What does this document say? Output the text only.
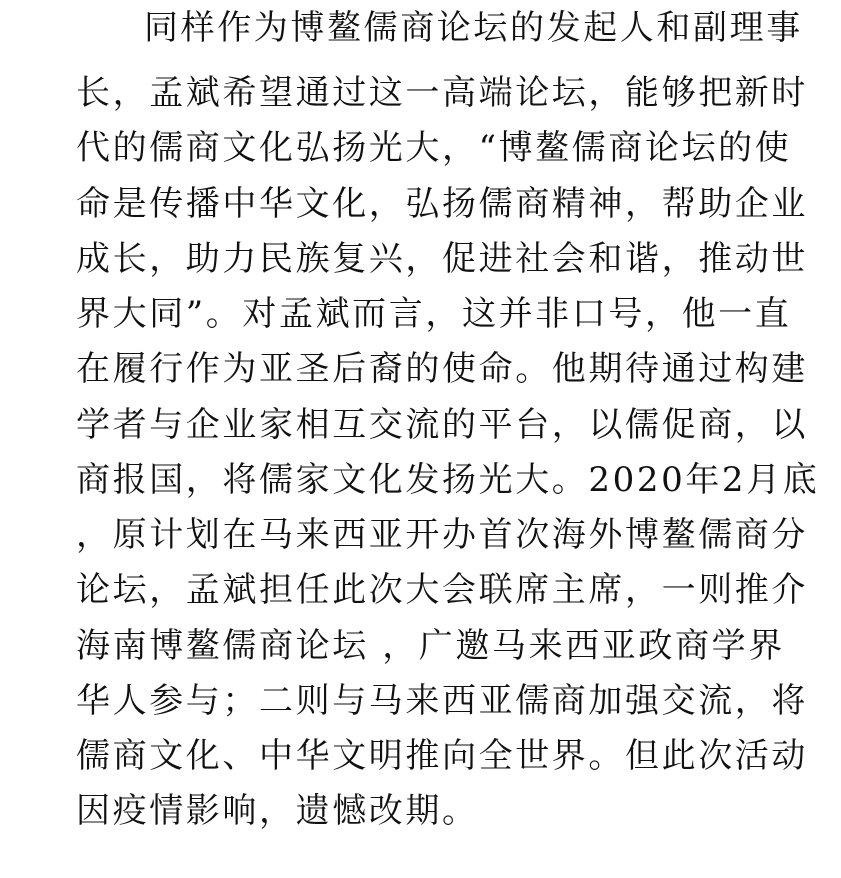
同样作为博鳌儒商论坛的发起人和副理事
长，孟斌希望通过这一高端论坛，能够把新时
代的儒商文化弘扬光大，“博鳌儒商论坛的使
命是传播中华文化，弘扬儒商精神，帮助企业
成长，助力民族复兴，促进社会和谐，推动世
界大同”。对孟斌而言，这并非口号，他一直
在履行作为亚圣后裔的使命。他期待通过构建
学者与企业家相互交流的平台，以儒促商，以
商报国，将儒家文化发扬光大。2020年2月底
，原计划在马来西亚开办首次海外博鳌儒商分
论坛，孟斌担任此次大会联席主席，一则推介
海南博鳌儒商论坛 ，广邀马来西亚政商学界
华人参与；二则与马来西亚儒商加强交流，将
儒商文化、中华文明推向全世界。但此次活动
因疫情影响，遗憾改期。
